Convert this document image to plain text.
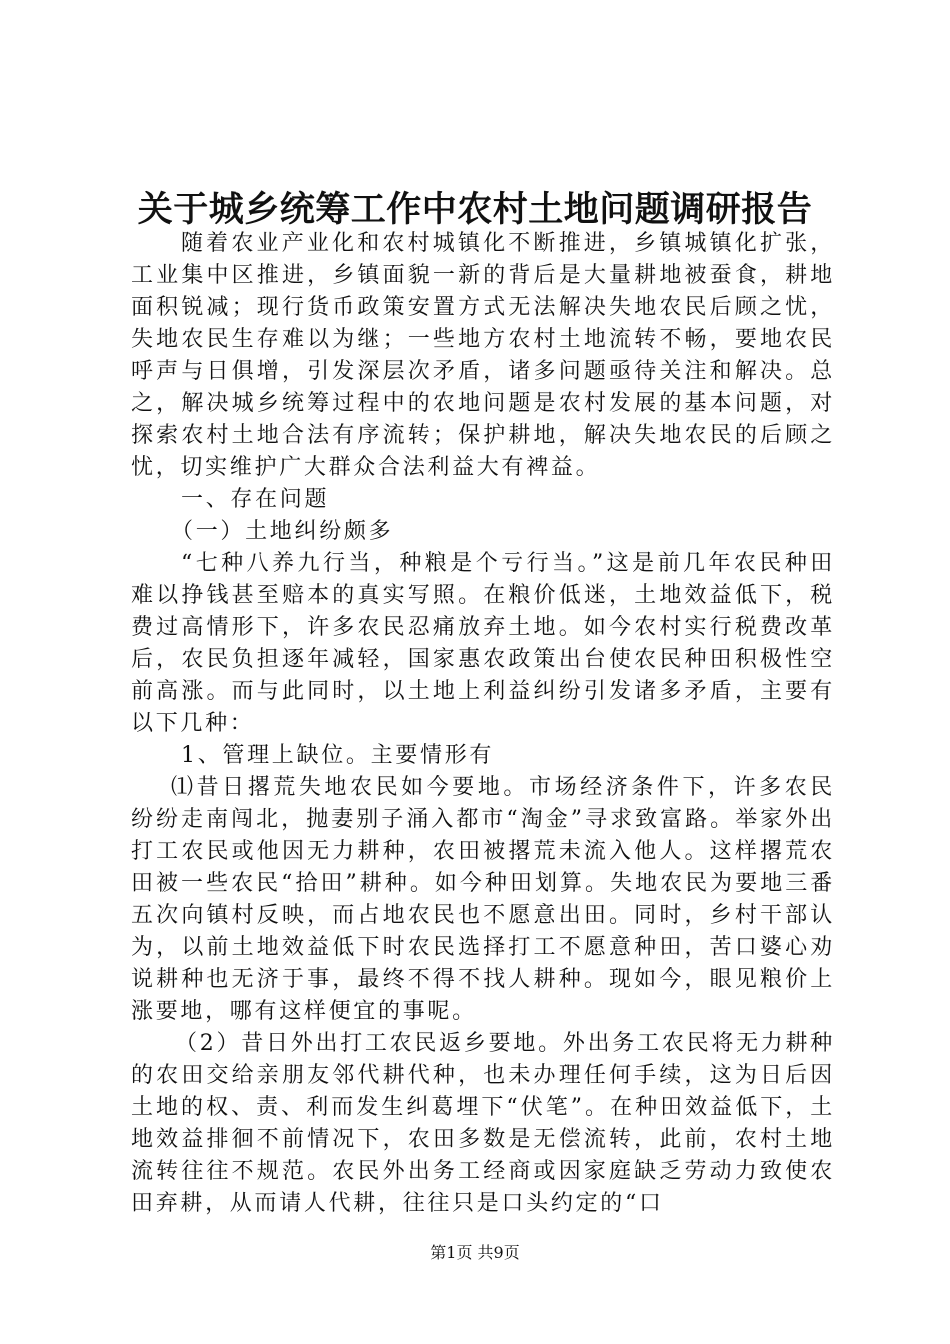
关于城乡统筹工作中农村土地问题调研报告

随着农业产业化和农村城镇化不断推进，乡镇城镇化扩张，工业集中区推进，乡镇面貌一新的背后是大量耕地被蚕食，耕地面积锐减；现行货币政策安置方式无法解决失地农民后顾之忧，失地农民生存难以为继；一些地方农村土地流转不畅，要地农民呼声与日俱增，引发深层次矛盾，诸多问题亟待关注和解决。总之，解决城乡统筹过程中的农地问题是农村发展的基本问题，对探索农村土地合法有序流转；保护耕地，解决失地农民的后顾之忧，切实维护广大群众合法利益大有裨益。

一、存在问题

（一）土地纠纷颇多

“七种八养九行当，种粮是个亏行当。”这是前几年农民种田难以挣钱甚至赔本的真实写照。在粮价低迷，土地效益低下，税费过高情形下，许多农民忍痛放弃土地。如今农村实行税费改革后，农民负担逐年减轻，国家惠农政策出台使农民种田积极性空前高涨。而与此同时，以土地上利益纠纷引发诸多矛盾，主要有以下几种：

1、管理上缺位。主要情形有

⑴昔日撂荒失地农民如今要地。市场经济条件下，许多农民纷纷走南闯北，抛妻别子涌入都市“淘金”寻求致富路。举家外出打工农民或他因无力耕种，农田被撂荒未流入他人。这样撂荒农田被一些农民“拾田”耕种。如今种田划算。失地农民为要地三番五次向镇村反映，而占地农民也不愿意出田。同时，乡村干部认为，以前土地效益低下时农民选择打工不愿意种田，苦口婆心劝说耕种也无济于事，最终不得不找人耕种。现如今，眼见粮价上涨要地，哪有这样便宜的事呢。

（2）昔日外出打工农民返乡要地。外出务工农民将无力耕种的农田交给亲朋友邻代耕代种，也未办理任何手续，这为日后因土地的权、责、利而发生纠葛埋下“伏笔”。在种田效益低下，土地效益排徊不前情况下，农田多数是无偿流转，此前，农村土地流转往往不规范。农民外出务工经商或因家庭缺乏劳动力致使农田弃耕，从而请人代耕，往往只是口头约定的“口

第1页 共9页
